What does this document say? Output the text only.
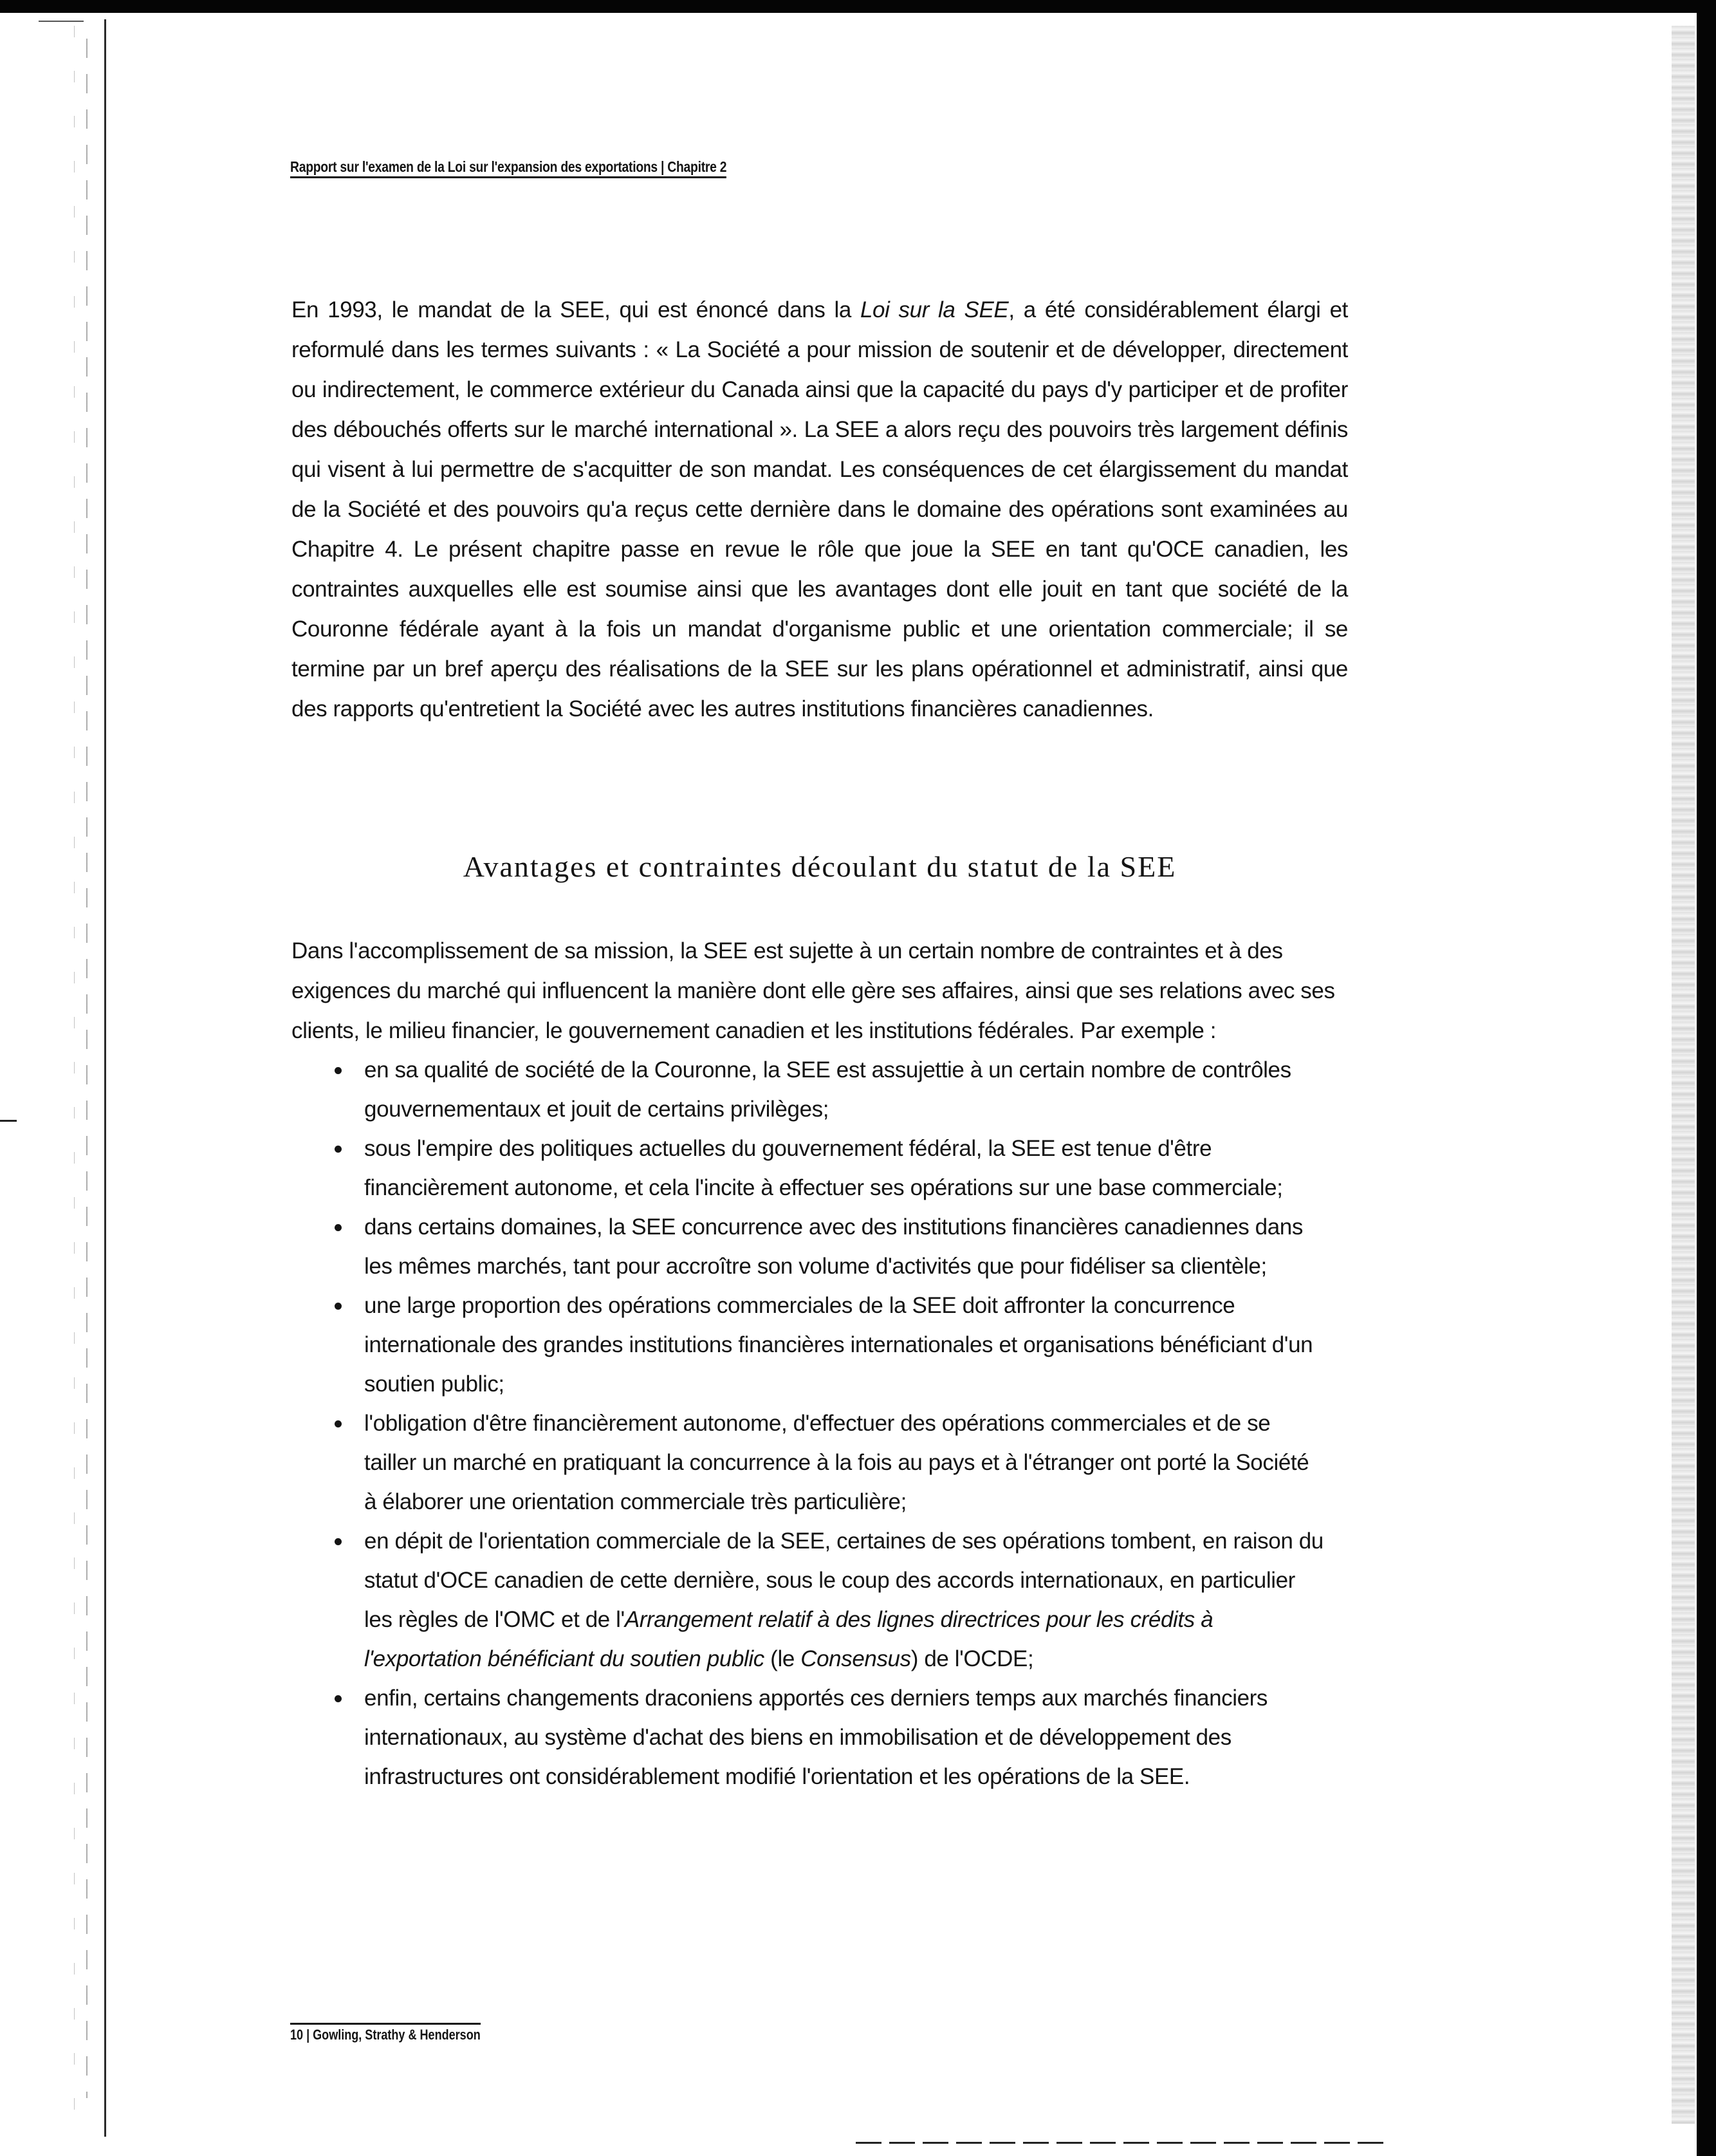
Rapport sur l'examen de la Loi sur l'expansion des exportations | Chapitre 2

En 1993, le mandat de la SEE, qui est énoncé dans la Loi sur la SEE, a été considérablement élargi et reformulé dans les termes suivants : « La Société a pour mission de soutenir et de développer, directement ou indirectement, le commerce extérieur du Canada ainsi que la capacité du pays d'y participer et de profiter des débouchés offerts sur le marché international ». La SEE a alors reçu des pouvoirs très largement définis qui visent à lui permettre de s'acquitter de son mandat. Les conséquences de cet élargissement du mandat de la Société et des pouvoirs qu'a reçus cette dernière dans le domaine des opérations sont examinées au Chapitre 4. Le présent chapitre passe en revue le rôle que joue la SEE en tant qu'OCE canadien, les contraintes auxquelles elle est soumise ainsi que les avantages dont elle jouit en tant que société de la Couronne fédérale ayant à la fois un mandat d'organisme public et une orientation commerciale; il se termine par un bref aperçu des réalisations de la SEE sur les plans opérationnel et administratif, ainsi que des rapports qu'entretient la Société avec les autres institutions financières canadiennes.

Avantages et contraintes découlant du statut de la SEE

Dans l'accomplissement de sa mission, la SEE est sujette à un certain nombre de contraintes et à des exigences du marché qui influencent la manière dont elle gère ses affaires, ainsi que ses relations avec ses clients, le milieu financier, le gouvernement canadien et les institutions fédérales. Par exemple :

en sa qualité de société de la Couronne, la SEE est assujettie à un certain nombre de contrôles gouvernementaux et jouit de certains privilèges;
sous l'empire des politiques actuelles du gouvernement fédéral, la SEE est tenue d'être financièrement autonome, et cela l'incite à effectuer ses opérations sur une base commerciale;
dans certains domaines, la SEE concurrence avec des institutions financières canadiennes dans les mêmes marchés, tant pour accroître son volume d'activités que pour fidéliser sa clientèle;
une large proportion des opérations commerciales de la SEE doit affronter la concurrence internationale des grandes institutions financières internationales et organisations bénéficiant d'un soutien public;
l'obligation d'être financièrement autonome, d'effectuer des opérations commerciales et de se tailler un marché en pratiquant la concurrence à la fois au pays et à l'étranger ont porté la Société à élaborer une orientation commerciale très particulière;
en dépit de l'orientation commerciale de la SEE, certaines de ses opérations tombent, en raison du statut d'OCE canadien de cette dernière, sous le coup des accords internationaux, en particulier les règles de l'OMC et de l'Arrangement relatif à des lignes directrices pour les crédits à l'exportation bénéficiant du soutien public (le Consensus) de l'OCDE;
enfin, certains changements draconiens apportés ces derniers temps aux marchés financiers internationaux, au système d'achat des biens en immobilisation et de développement des infrastructures ont considérablement modifié l'orientation et les opérations de la SEE.
10 | Gowling, Strathy & Henderson
